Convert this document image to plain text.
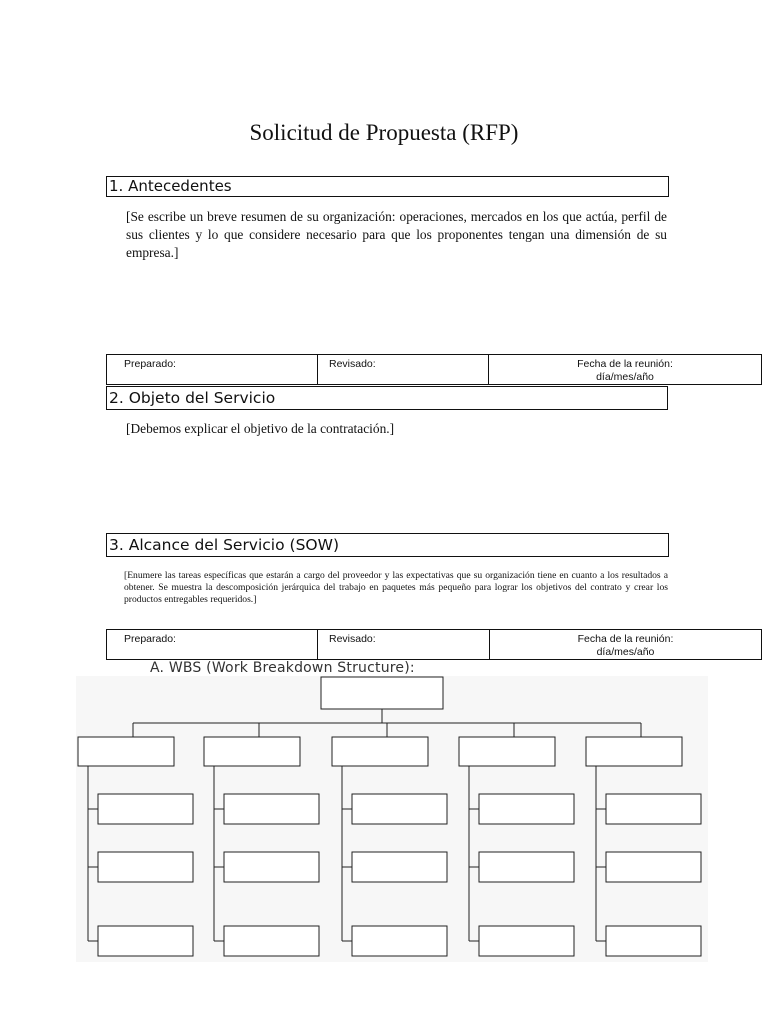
Solicitud de Propuesta (RFP)
1. Antecedentes
[Se escribe un breve resumen de su organización: operaciones, mercados en los que actúa, perfil de sus clientes y lo que considere necesario para que los proponentes tengan una dimensión de su empresa.]
Preparado:	Revisado:	Fecha de la reunión:
día/mes/año
2. Objeto del Servicio
[Debemos explicar el objetivo de la contratación.]
3. Alcance del Servicio (SOW)
[Enumere las tareas específicas que estarán a cargo del proveedor y las expectativas que su organización tiene en cuanto a los resultados a obtener. Se muestra la descomposición jerárquica del trabajo en paquetes más pequeño para lograr los objetivos del contrato y crear los productos entregables requeridos.]
Preparado:	Revisado:	Fecha de la reunión:
día/mes/año
A. WBS (Work Breakdown Structure):
